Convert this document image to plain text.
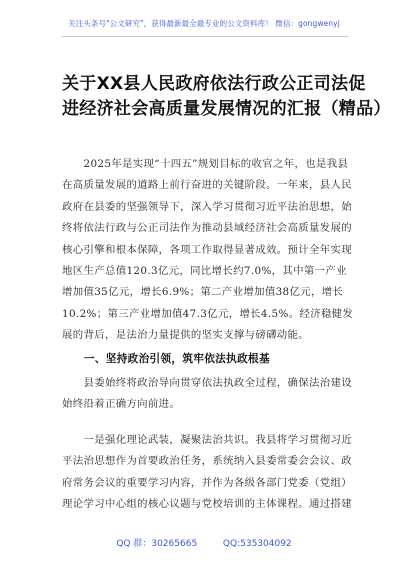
关注头条号"公文研究"，获得最新最全最专业的公文资料库！ 微信：gongwenyj
关于XX县人民政府依法行政公正司法促
进经济社会高质量发展情况的汇报（精品）
　　2025年是实现“十四五”规划目标的收官之年，也是我县
在高质量发展的道路上前行奋进的关键阶段。一年来，县人民
政府在县委的坚强领导下，深入学习贯彻习近平法治思想，始
终将依法行政与公正司法作为推动县域经济社会高质量发展的
核心引擎和根本保障，各项工作取得显著成效。预计全年实现
地区生产总值120.3亿元，同比增长约7.0%，其中第一产业
增加值35亿元，增长6.9%；第二产业增加值38亿元，增长
10.2%；第三产业增加值47.3亿元，增长4.5%。经济稳健发
展的背后，是法治力量提供的坚实支撑与磅礴动能。
　　一、坚持政治引领，筑牢依法执政根基
　　县委始终将政治导向贯穿依法执政全过程，确保法治建设
始终沿着正确方向前进。
　　一是强化理论武装，凝聚法治共识。我县将学习贯彻习近
平法治思想作为首要政治任务，系统纳入县委常委会会议、政
府常务会议的重要学习内容，并作为各级各部门党委（党组）
理论学习中心组的核心议题与党校培训的主体课程。通过搭建
QQ 群：30265665	QQ:535304092
